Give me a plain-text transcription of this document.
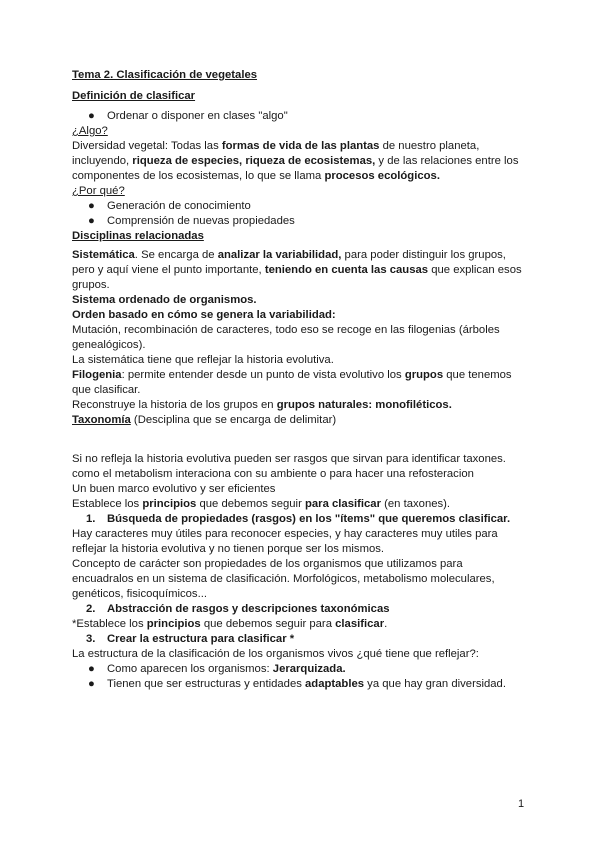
Tema 2. Clasificación de vegetales
Definición de clasificar
● Ordenar o disponer en clases "algo"
¿Algo?
Diversidad vegetal: Todas las formas de vida de las plantas de nuestro planeta, incluyendo, riqueza de especies, riqueza de ecosistemas, y de las relaciones entre los componentes de los ecosistemas, lo que se llama procesos ecológicos.
¿Por qué?
● Generación de conocimiento
● Comprensión de nuevas propiedades
Disciplinas relacionadas
Sistemática. Se encarga de analizar la variabilidad, para poder distinguir los grupos, pero y aquí viene el punto importante, teniendo en cuenta las causas que explican esos grupos.
Sistema ordenado de organismos.
Orden basado en cómo se genera la variabilidad:
Mutación, recombinación de caracteres, todo eso se recoge en las filogenias (árboles genealógicos).
La sistemática tiene que reflejar la historia evolutiva.
Filogenia: permite entender desde un punto de vista evolutivo los grupos que tenemos que clasificar.
Reconstruye la historia de los grupos en grupos naturales: monofiléticos.
Taxonomía (Desciplina que se encarga de delimitar)
Si no refleja la historia evolutiva pueden ser rasgos que sirvan para identificar taxones.
como el metabolism interaciona con su ambiente o para hacer una refosteracion
Un buen marco evolutivo y ser eficientes
Establece los principios que debemos seguir para clasificar (en taxones).
1. Búsqueda de propiedades (rasgos) en los "ítems" que queremos clasificar.
Hay caracteres muy útiles para reconocer especies, y hay caracteres muy utiles para reflejar la historia evolutiva y no tienen porque ser los mismos.
Concepto de carácter son propiedades de los organismos que utilizamos para encuadralos en un sistema de clasificación. Morfológicos, metabolismo moleculares, genéticos, fisicoquímicos...
2. Abstracción de rasgos y descripciones taxonómicas
*Establece los principios que debemos seguir para clasificar.
3. Crear la estructura para clasificar *
La estructura de la clasificación de los organismos vivos ¿qué tiene que reflejar?:
● Como aparecen los organismos: Jerarquizada.
● Tienen que ser estructuras y entidades adaptables ya que hay gran diversidad.
1
